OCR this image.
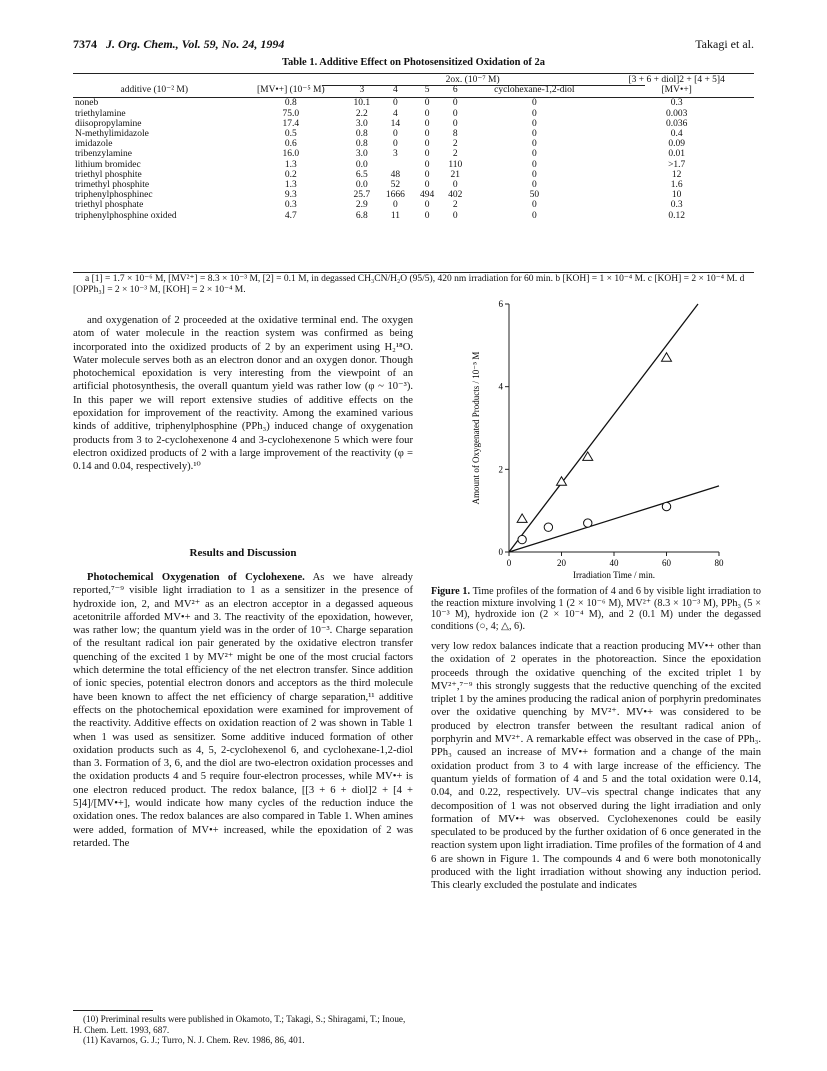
7374 J. Org. Chem., Vol. 59, No. 24, 1994	Takagi et al.
Table 1. Additive Effect on Photosensitized Oxidation of 2a
		2ox. (10⁻⁷ M)					[3 + 6 + diol]2 + [4 + 5]4
additive (10⁻² M)	[MV•+] (10⁻⁵ M)	3	4	5	6	cyclohexane-1,2-diol	[MV•+]
noneb	0.8	10.1	0	0	0	0	0.3
triethylamine	75.0	2.2	4	0	0	0	0.003
diisopropylamine	17.4	3.0	14	0	0	0	0.036
N-methylimidazole	0.5	0.8	0	0	8	0	0.4
imidazole	0.6	0.8	0	0	2	0	0.09
tribenzylamine	16.0	3.0	3	0	2	0	0.01
lithium bromidec	1.3	0.0		0	110	0	>1.7
triethyl phosphite	0.2	6.5	48	0	21	0	12
trimethyl phosphite	1.3	0.0	52	0	0	0	1.6
triphenylphosphinec	9.3	25.7	1666	494	402	50	10
triethyl phosphate	0.3	2.9	0	0	2	0	0.3
triphenylphosphine oxided	4.7	6.8	11	0	0	0	0.12
a [1] = 1.7 × 10⁻⁶ M, [MV²⁺] = 8.3 × 10⁻³ M, [2] = 0.1 M, in degassed CH₃CN/H₂O (95/5), 420 nm irradiation for 60 min. b [KOH] = 1 × 10⁻⁴ M. c [KOH] = 2 × 10⁻⁴ M. d [OPPh₃] = 2 × 10⁻³ M, [KOH] = 2 × 10⁻⁴ M.
and oxygenation of 2 proceeded at the oxidative terminal end. The oxygen atom of water molecule in the reaction system was confirmed as being incorporated into the oxidized products of 2 by an experiment using H₂¹⁸O. Water molecule serves both as an electron donor and an oxygen donor. Though photochemical epoxidation is very interesting from the viewpoint of an artificial photosynthesis, the overall quantum yield was rather low (φ ~ 10⁻³). In this paper we will report extensive studies of additive effects on the epoxidation for improvement of the reactivity. Among the examined various kinds of additive, triphenylphosphine (PPh₃) induced change of oxygenation products from 3 to 2-cyclohexenone 4 and 3-cyclohexenone 5 which were four electron oxidized products of 2 with a large improvement of the reactivity (φ = 0.14 and 0.04, respectively).¹⁰
Results and Discussion
Photochemical Oxygenation of Cyclohexene. As we have already reported,⁷⁻⁹ visible light irradiation to 1 as a sensitizer in the presence of hydroxide ion, 2, and MV²⁺ as an electron acceptor in a degassed aqueous acetonitrile afforded MV•+ and 3. The reactivity of the epoxidation, however, was rather low; the quantum yield was in the order of 10⁻³. Charge separation of the resultant radical ion pair generated by the oxidative electron transfer quenching of the excited 1 by MV²⁺ might be one of the most crucial factors which determine the total efficiency of the net electron transfer. Since addition of ionic species, potential electron donors and acceptors as the third molecule have been known to affect the net efficiency of charge separation,¹¹ additive effects on the photochemical epoxidation were examined for improvement of the reactivity. Additive effects on oxidation reaction of 2 was shown in Table 1 when 1 was used as sensitizer. Some additive induced formation of other oxidation products such as 4, 5, 2-cyclohexenol 6, and cyclohexane-1,2-diol than 3. Formation of 3, 6, and the diol are two-electron oxidation processes and the oxidation products 4 and 5 require four-electron processes, while MV•+ is one electron reduced product. The redox balance, [[3 + 6 + diol]2 + [4 + 5]4]/[MV•+], would indicate how many cycles of the reduction induce the oxidation ones. The redox balances are also compared in Table 1. When amines were added, formation of MV•+ increased, while the epoxidation of 2 was retarded. The
(10) Preriminal results were published in Okamoto, T.; Takagi, S.; Shiragami, T.; Inoue, H. Chem. Lett. 1993, 687.
(11) Kavarnos, G. J.; Turro, N. J. Chem. Rev. 1986, 86, 401.
0	20	40	60	80
0
2
4
6
Irradiation Time / min.
Amount of Oxygenated Products / 10⁻⁵ M
Figure 1. Time profiles of the formation of 4 and 6 by visible light irradiation to the reaction mixture involving 1 (2 × 10⁻⁶ M), MV²⁺ (8.3 × 10⁻³ M), PPh₃ (5 × 10⁻³ M), hydroxide ion (2 × 10⁻⁴ M), and 2 (0.1 M) under the degassed conditions (○, 4; △, 6).
very low redox balances indicate that a reaction producing MV•+ other than the oxidation of 2 operates in the photoreaction. Since the epoxidation proceeds through the oxidative quenching of the excited triplet 1 by MV²⁺,⁷⁻⁹ this strongly suggests that the reductive quenching of the excited triplet 1 by the amines producing the radical anion of porphyrin predominates over the oxidative quenching by MV²⁺. MV•+ was considered to be produced by electron transfer between the resultant radical anion of porphyrin and MV²⁺. A remarkable effect was observed in the case of PPh₃. PPh₃ caused an increase of MV•+ formation and a change of the main oxidation product from 3 to 4 with large increase of the efficiency. The quantum yields of formation of 4 and 5 and the total oxidation were 0.14, 0.04, and 0.22, respectively. UV–vis spectral change indicates that any decomposition of 1 was not observed during the light irradiation and only formation of MV•+ was observed. Cyclohexenones could be easily speculated to be produced by the further oxidation of 6 once generated in the reaction system upon light irradiation. Time profiles of the formation of 4 and 6 are shown in Figure 1. The compounds 4 and 6 were both monotonically produced with the light irradiation without showing any induction period. This clearly excluded the postulate and indicates
